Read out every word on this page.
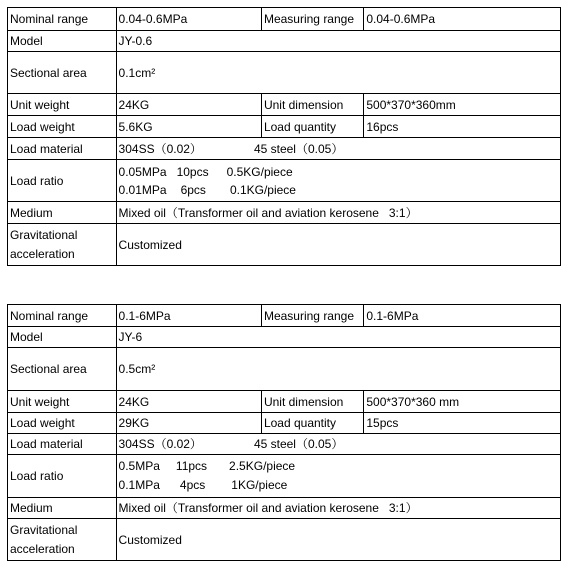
Nominal range	0.04-0.6MPa	Measuring range	0.04-0.6MPa
Model	JY-0.6		
Sectional area	0.1cm²		
Unit weight	24KG	Unit dimension	500*370*360mm
Load weight	5.6KG	Load quantity	16pcs
Load material	304SS（0.02） 45 steel（0.05）		
Load ratio	0.05MPa 10pcs 0.5KG/piece
0.01MPa 6pcs 0.1KG/piece		

Medium	Mixed oil（Transformer oil and aviation kerosene   3:1）		

Gravitational
acceleration	Customized		
Nominal range	0.1-6MPa	Measuring range	0.1-6MPa
Model	JY-6		
Sectional area	0.5cm²		
Unit weight	24KG	Unit dimension	500*370*360 mm
Load weight	29KG	Load quantity	15pcs
Load material	304SS（0.02） 45 steel（0.05）		
Load ratio	0.5MPa 11pcs 2.5KG/piece
0.1MPa 4pcs 1KG/piece		

Medium	Mixed oil（Transformer oil and aviation kerosene   3:1）		

Gravitational
acceleration	Customized		
